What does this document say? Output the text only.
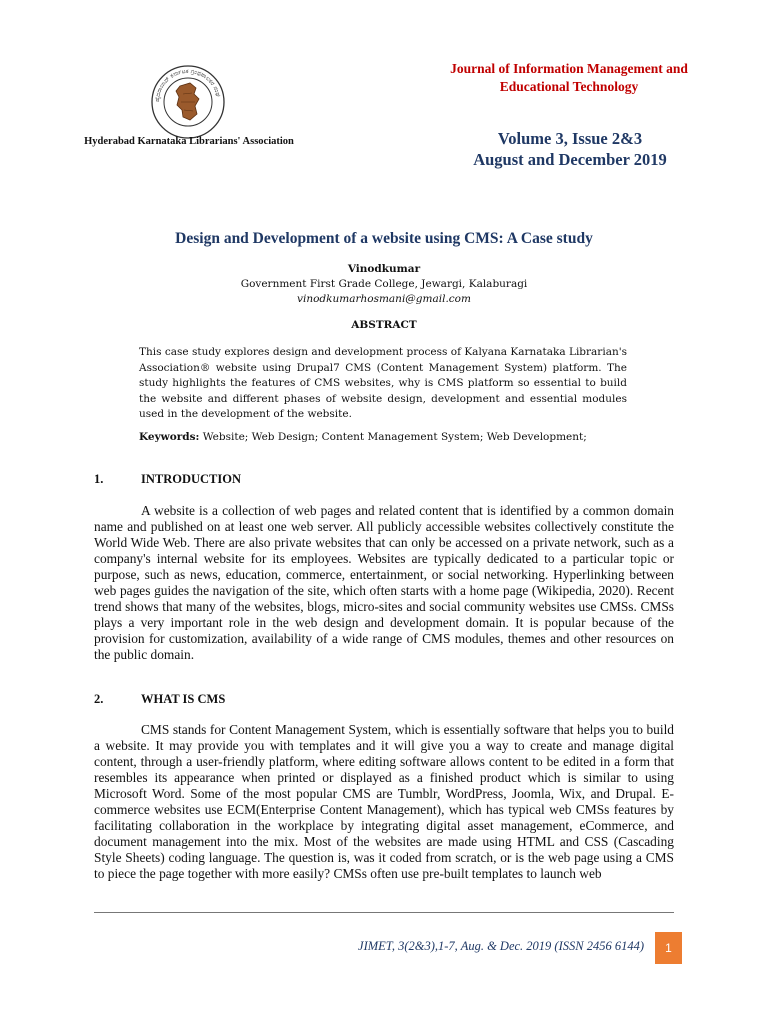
ಹೈದರಾಬಾದ್ ಕರ್ನಾಟಕ ಗ್ರಂಥಪಾಲಕರ ಸಂಘ
Hyderabad Karnataka Librarians' Association
Journal of Information Management and Educational Technology
Volume 3, Issue 2&3
August and December 2019
Design and Development of a website using CMS: A Case study
Vinodkumar
Government First Grade College, Jewargi, Kalaburagi
vinodkumarhosmani@gmail.com
ABSTRACT
This case study explores design and development process of Kalyana Karnataka Librarian's Association® website using Drupal7 CMS (Content Management System) platform. The study highlights the features of CMS websites, why is CMS platform so essential to build the website and different phases of website design, development and essential modules used in the development of the website.
Keywords: Website; Web Design; Content Management System; Web Development;
1.	INTRODUCTION

A website is a collection of web pages and related content that is identified by a common domain name and published on at least one web server. All publicly accessible websites collectively constitute the World Wide Web. There are also private websites that can only be accessed on a private network, such as a company's internal website for its employees. Websites are typically dedicated to a particular topic or purpose, such as news, education, commerce, entertainment, or social networking. Hyperlinking between web pages guides the navigation of the site, which often starts with a home page (Wikipedia, 2020). Recent trend shows that many of the websites, blogs, micro-sites and social community websites use CMSs. CMSs plays a very important role in the web design and development domain. It is popular because of the provision for customization, availability of a wide range of CMS modules, themes and other resources on the public domain.

2.	WHAT IS CMS

CMS stands for Content Management System, which is essentially software that helps you to build a website. It may provide you with templates and it will give you a way to create and manage digital content, through a user-friendly platform, where editing software allows content to be edited in a form that resembles its appearance when printed or displayed as a finished product which is similar to using Microsoft Word. Some of the most popular CMS are Tumblr, WordPress, Joomla, Wix, and Drupal. E-commerce websites use ECM(Enterprise Content Management), which has typical web CMSs features by facilitating collaboration in the workplace by integrating digital asset management, eCommerce, and document management into the mix. Most of the websites are made using HTML and CSS (Cascading Style Sheets) coding language. The question is, was it coded from scratch, or is the web page using a CMS to piece the page together with more easily? CMSs often use pre-built templates to launch web

JIMET, 3(2&3),1-7, Aug. & Dec. 2019 (ISSN 2456 6144)	1
